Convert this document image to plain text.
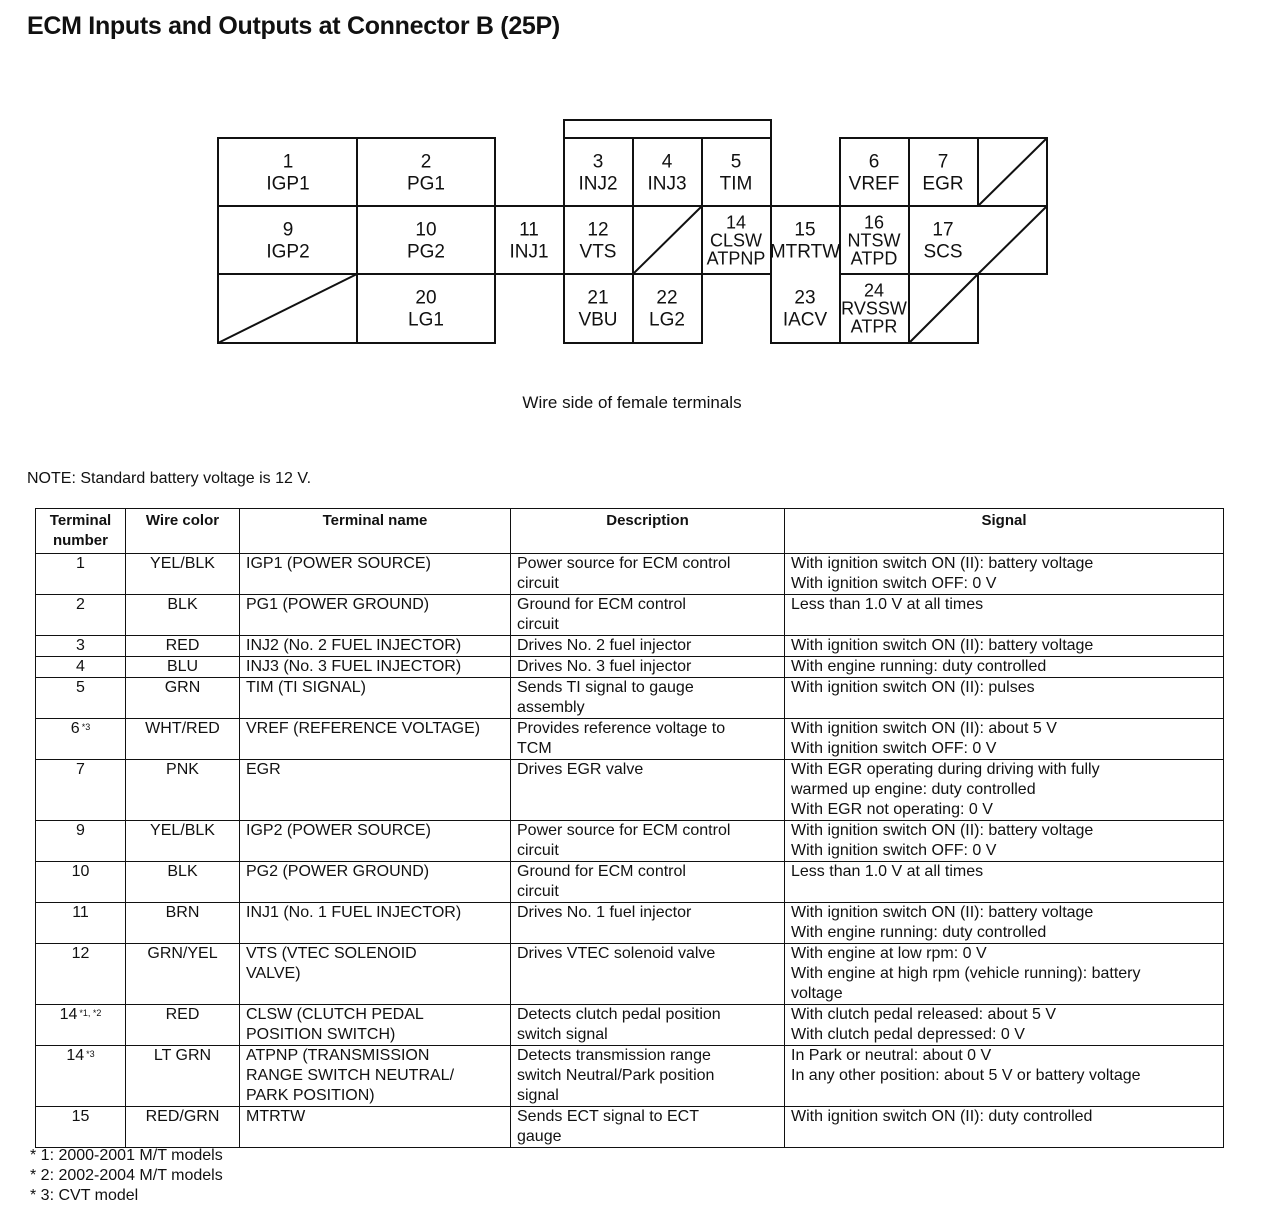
ECM Inputs and Outputs at Connector B (25P)
1
IGP1
2
PG1
3
INJ2
4
INJ3
5
TIM
6
VREF
7
EGR
9
IGP2
10
PG2
11
INJ1
12
VTS
14
CLSW
ATPNP
15
MTRTW
16
NTSW
ATPD
17
SCS
20
LG1
21
VBU
22
LG2
23
IACV
24
RVSSW
ATPR
Wire side of female terminals
NOTE: Standard battery voltage is 12 V.
Terminal
number	Wire color	Terminal name	Description	Signal
1	YEL/BLK	IGP1 (POWER SOURCE)	Power source for ECM control
circuit	With ignition switch ON (II): battery voltage
With ignition switch OFF: 0 V

2	BLK	PG1 (POWER GROUND)	Ground for ECM control
circuit	Less than 1.0 V at all times

3	RED	INJ2 (No. 2 FUEL INJECTOR)	Drives No. 2 fuel injector	With ignition switch ON (II): battery voltage

4	BLU	INJ3 (No. 3 FUEL INJECTOR)	Drives No. 3 fuel injector	With engine running: duty controlled

5	GRN	TIM (TI SIGNAL)	Sends TI signal to gauge
assembly	With ignition switch ON (II): pulses

6 $^{*3}$	WHT/RED	VREF (REFERENCE VOLTAGE)	Provides reference voltage to
TCM	With ignition switch ON (II): about 5 V
With ignition switch OFF: 0 V

7	PNK	EGR	Drives EGR valve	With EGR operating during driving with fully
warmed up engine: duty controlled
With EGR not operating: 0 V

9	YEL/BLK	IGP2 (POWER SOURCE)	Power source for ECM control
circuit	With ignition switch ON (II): battery voltage
With ignition switch OFF: 0 V

10	BLK	PG2 (POWER GROUND)	Ground for ECM control
circuit	Less than 1.0 V at all times

11	BRN	INJ1 (No. 1 FUEL INJECTOR)	Drives No. 1 fuel injector	With ignition switch ON (II): battery voltage
With engine running: duty controlled

12	GRN/YEL	VTS (VTEC SOLENOID
VALVE)	Drives VTEC solenoid valve	With engine at low rpm: 0 V
With engine at high rpm (vehicle running): battery
voltage

14 $^{*1, *2}$	RED	CLSW (CLUTCH PEDAL
POSITION SWITCH)	Detects clutch pedal position
switch signal	With clutch pedal released: about 5 V
With clutch pedal depressed: 0 V

14 $^{*3}$	LT GRN	ATPNP (TRANSMISSION
RANGE SWITCH NEUTRAL/
PARK POSITION)	Detects transmission range
switch Neutral/Park position
signal	In Park or neutral: about 0 V
In any other position: about 5 V or battery voltage

15	RED/GRN	MTRTW	Sends ECT signal to ECT
gauge	With ignition switch ON (II): duty controlled
* 1: 2000-2001 M/T models
* 2: 2002-2004 M/T models
* 3: CVT model
